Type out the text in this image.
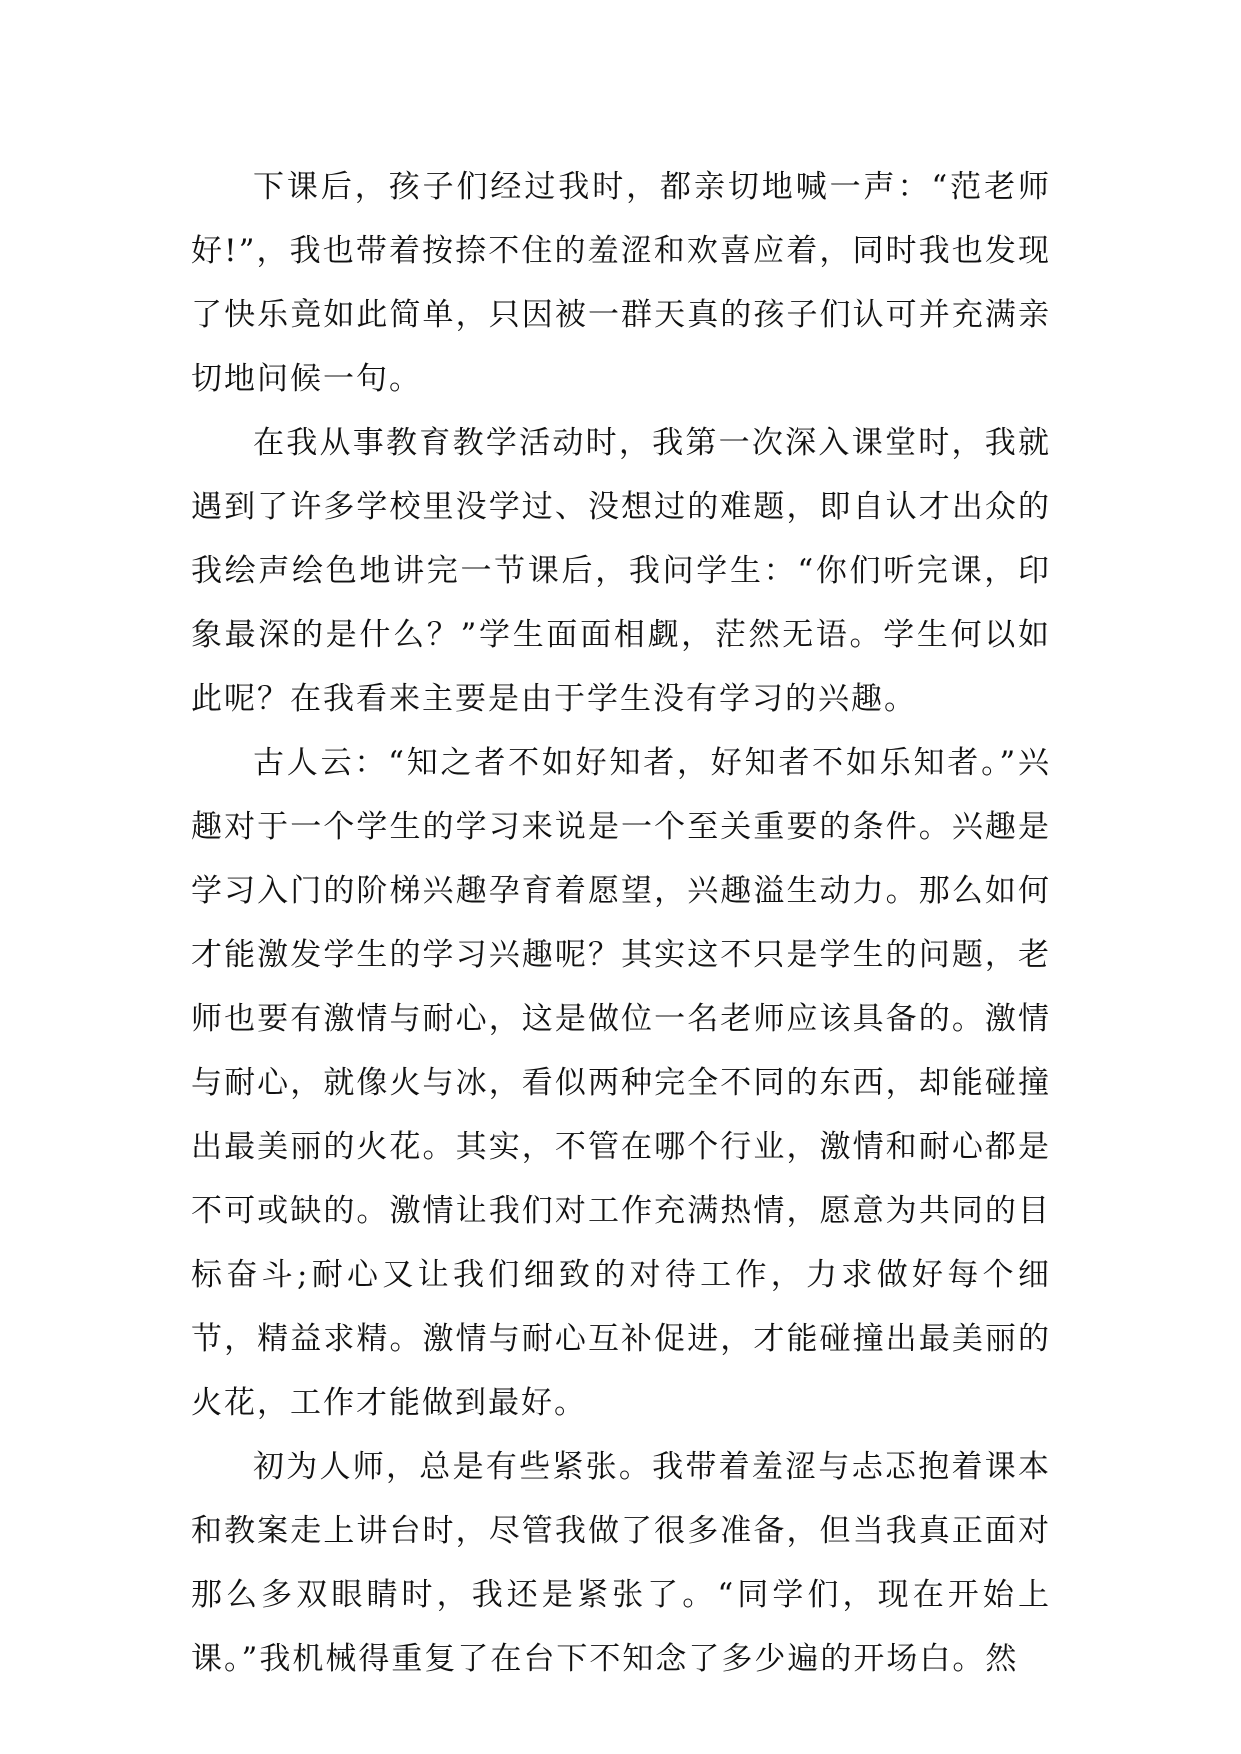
下课后，孩子们经过我时，都亲切地喊一声：“范老师好!”，我也带着按捺不住的羞涩和欢喜应着，同时我也发现了快乐竟如此简单，只因被一群天真的孩子们认可并充满亲切地问候一句。

在我从事教育教学活动时，我第一次深入课堂时，我就遇到了许多学校里没学过、没想过的难题，即自认才出众的我绘声绘色地讲完一节课后，我问学生：“你们听完课，印象最深的是什么？”学生面面相觑，茫然无语。学生何以如此呢？在我看来主要是由于学生没有学习的兴趣。

古人云：“知之者不如好知者，好知者不如乐知者。”兴趣对于一个学生的学习来说是一个至关重要的条件。兴趣是学习入门的阶梯兴趣孕育着愿望，兴趣溢生动力。那么如何才能激发学生的学习兴趣呢？其实这不只是学生的问题，老师也要有激情与耐心，这是做位一名老师应该具备的。激情与耐心，就像火与冰，看似两种完全不同的东西，却能碰撞出最美丽的火花。其实，不管在哪个行业，激情和耐心都是不可或缺的。激情让我们对工作充满热情，愿意为共同的目标奋斗;耐心又让我们细致的对待工作，力求做好每个细节，精益求精。激情与耐心互补促进，才能碰撞出最美丽的火花，工作才能做到最好。

初为人师，总是有些紧张。我带着羞涩与忐忑抱着课本和教案走上讲台时，尽管我做了很多准备，但当我真正面对那么多双眼睛时，我还是紧张了。“同学们，现在开始上课。”我机械得重复了在台下不知念了多少遍的开场白。然
